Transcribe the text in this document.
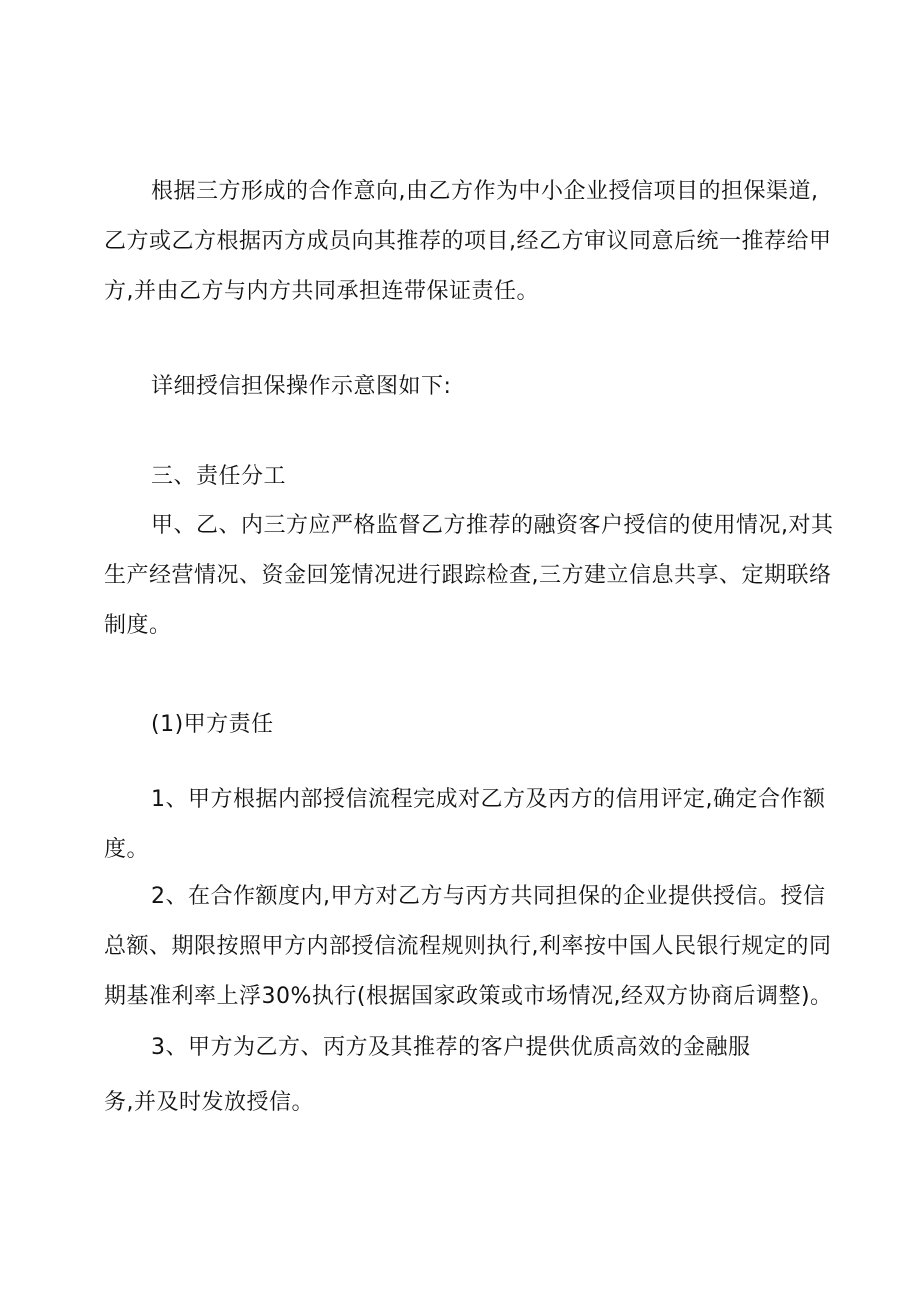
根据三方形成的合作意向,由乙方作为中小企业授信项目的担保渠道,
乙方或乙方根据丙方成员向其推荐的项目,经乙方审议同意后统一推荐给甲
方,并由乙方与内方共同承担连带保证责任。
详细授信担保操作示意图如下:
三、责任分工
甲、乙、内三方应严格监督乙方推荐的融资客户授信的使用情况,对其
生产经营情况、资金回笼情况进行跟踪检查,三方建立信息共享、定期联络
制度。
(1)甲方责任
1、甲方根据内部授信流程完成对乙方及丙方的信用评定,确定合作额
度。
2、在合作额度内,甲方对乙方与丙方共同担保的企业提供授信。授信
总额、期限按照甲方内部授信流程规则执行,利率按中国人民银行规定的同
期基准利率上浮30%执行(根据国家政策或市场情况,经双方协商后调整)。
3、甲方为乙方、丙方及其推荐的客户提供优质高效的金融服
务,并及时发放授信。
